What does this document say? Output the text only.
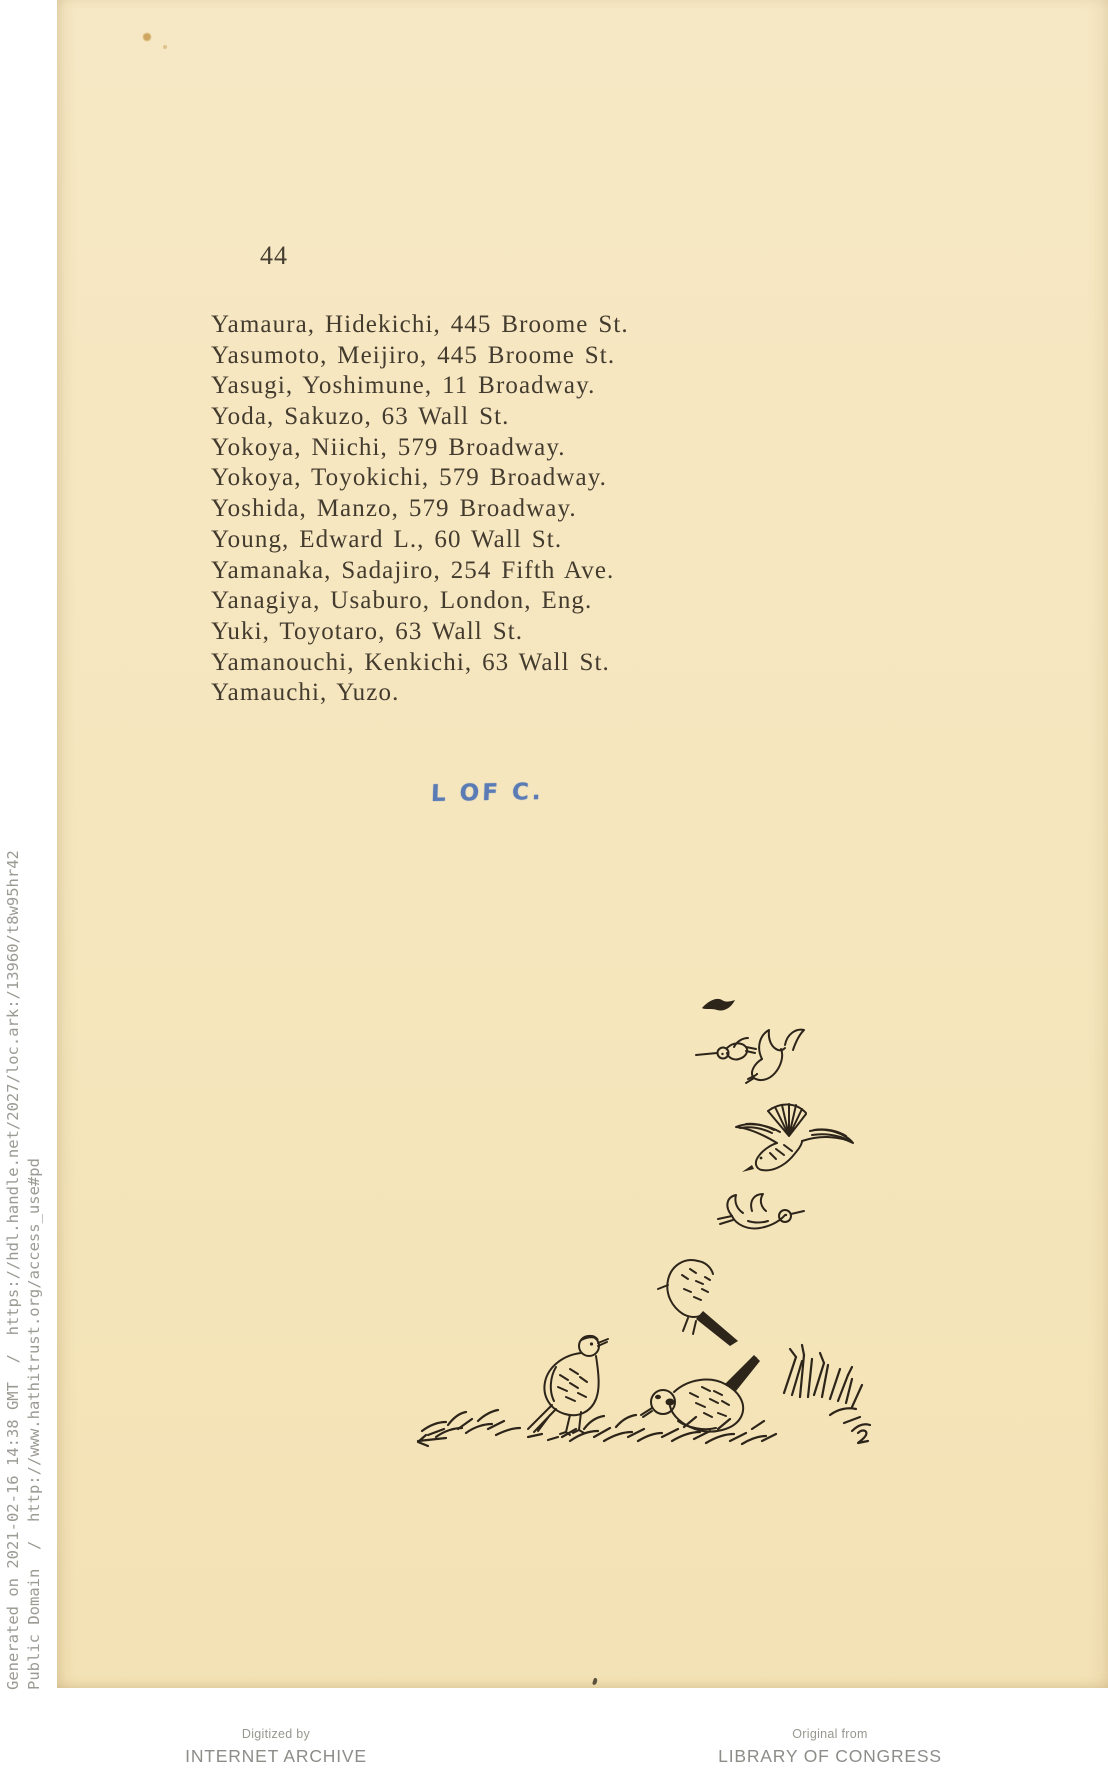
44
Yamaura, Hidekichi, 445 Broome St.
Yasumoto, Meijiro, 445 Broome St.
Yasugi, Yoshimune, 11 Broadway.
Yoda, Sakuzo, 63 Wall St.
Yokoya, Niichi, 579 Broadway.
Yokoya, Toyokichi, 579 Broadway.
Yoshida, Manzo, 579 Broadway.
Young, Edward L., 60 Wall St.
Yamanaka, Sadajiro, 254 Fifth Ave.
Yanagiya, Usaburo, London, Eng.
Yuki, Toyotaro, 63 Wall St.
Yamanouchi, Kenkichi, 63 Wall St.
Yamauchi, Yuzo.
L OF C.
Generated on 2021-02-16 14:38 GMT  /  https://hdl.handle.net/2027/loc.ark:/13960/t8w95hr42 Public Domain  /  http://www.hathitrust.org/access_use#pd
Digitized by
INTERNET ARCHIVE
Original from
LIBRARY OF CONGRESS
